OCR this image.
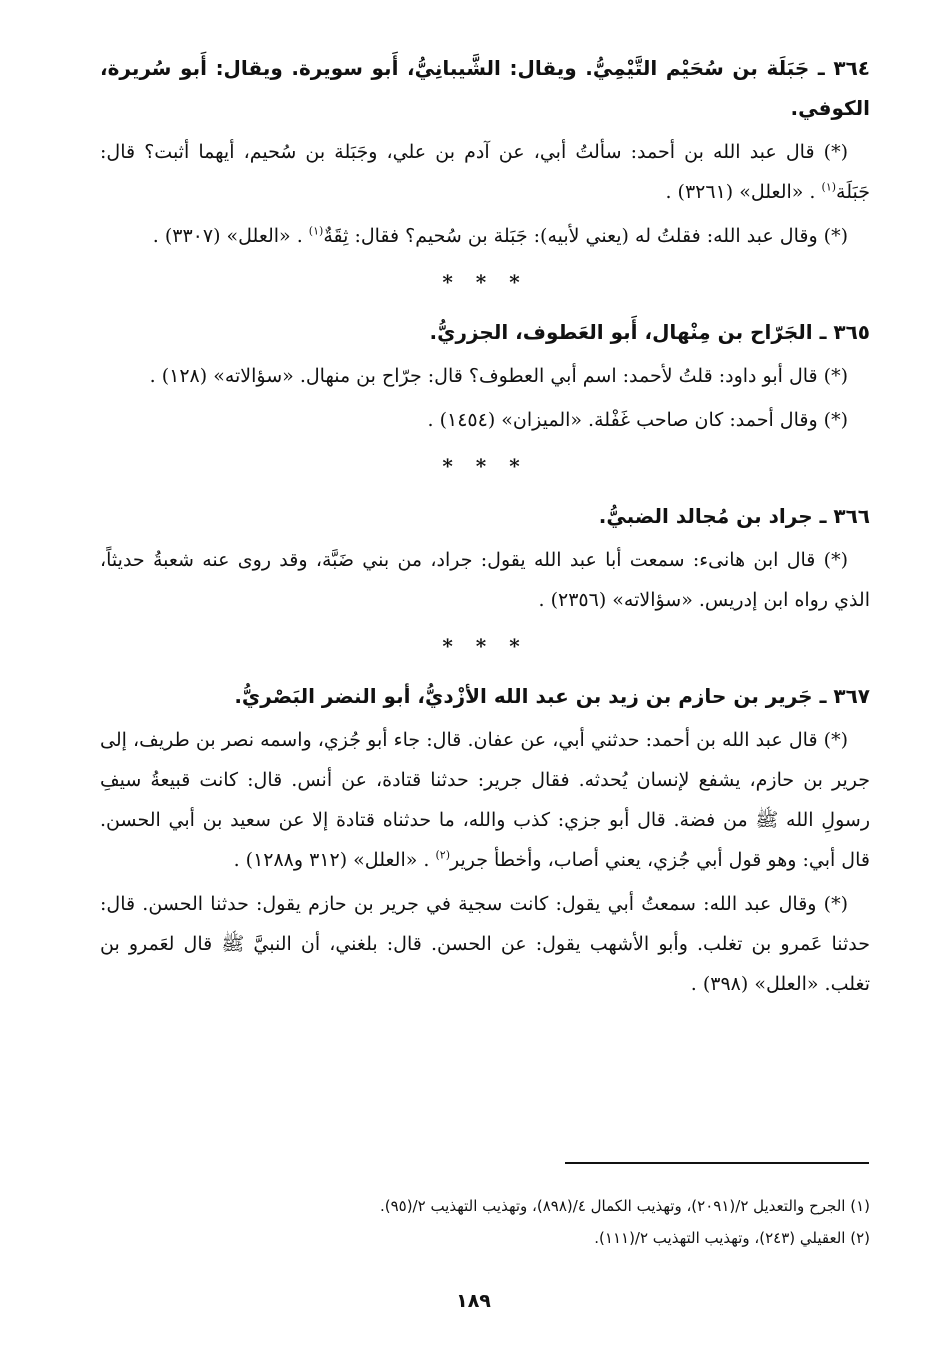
٣٦٤ ـ جَبَلَة بن سُحَيْم التَّيْمِيُّ. ويقال: الشَّيبانِيُّ، أَبو سويرة. ويقال: أَبو سُريرة، الكوفي.

(*) قال عبد الله بن أحمد: سألتُ أبي، عن آدم بن علي، وجَبَلة بن سُحيم، أيهما أثبت؟ قال: جَبَلَة$^{(١)}$ . «العلل» (٣٢٦١) .

(*) وقال عبد الله: فقلتُ له (يعني لأبيه): جَبَلة بن سُحيم؟ فقال: ثِقَةٌ$^{(١)}$ . «العلل» (٣٣٠٧) .

* * *

٣٦٥ ـ الجَرّاح بن مِنْهال، أَبو العَطوف، الجزريُّ.

(*) قال أبو داود: قلتُ لأحمد: اسم أبي العطوف؟ قال: جرّاح بن منهال. «سؤالاته» (١٢٨) .

(*) وقال أحمد: كان صاحب غَفْلة. «الميزان» (١٤٥٤) .

* * *

٣٦٦ ـ جراد بن مُجالد الضبيُّ.

(*) قال ابن هانىء: سمعت أبا عبد الله يقول: جراد، من بني ضَبَّة، وقد روى عنه شعبةُ حديثاً، الذي رواه ابن إدريس. «سؤالاته» (٢٣٥٦) .

* * *

٣٦٧ ـ جَرير بن حازم بن زيد بن عبد الله الأزْديُّ، أبو النضر البَصْريُّ.

(*) قال عبد الله بن أحمد: حدثني أبي، عن عفان. قال: جاء أبو جُزي، واسمه نصر بن طريف، إلى جرير بن حازم، يشفع لإنسان يُحدثه. فقال جرير: حدثنا قتادة، عن أنس. قال: كانت قبيعةُ سيفِ رسولِ الله ﷺ من فضة. قال أبو جزي: كذب والله، ما حدثناه قتادة إلا عن سعيد بن أبي الحسن. قال أبي: وهو قول أبي جُزي، يعني أصاب، وأخطأ جرير$^{(٢)}$ . «العلل» (٣١٢ و١٢٨٨) .

(*) وقال عبد الله: سمعتُ أبي يقول: كانت سجية في جرير بن حازم يقول: حدثنا الحسن. قال: حدثنا عَمرو بن تغلب. وأبو الأشهب يقول: عن الحسن. قال: بلغني، أن النبيَّ ﷺ قال لعَمرو بن تغلب. «العلل» (٣٩٨) .

(١) الجرح والتعديل ٢/(٢٠٩١)، وتهذيب الكمال ٤/(٨٩٨)، وتهذيب التهذيب ٢/(٩٥).

(٢) العقيلي (٢٤٣)، وتهذيب التهذيب ٢/(١١١).

١٨٩
